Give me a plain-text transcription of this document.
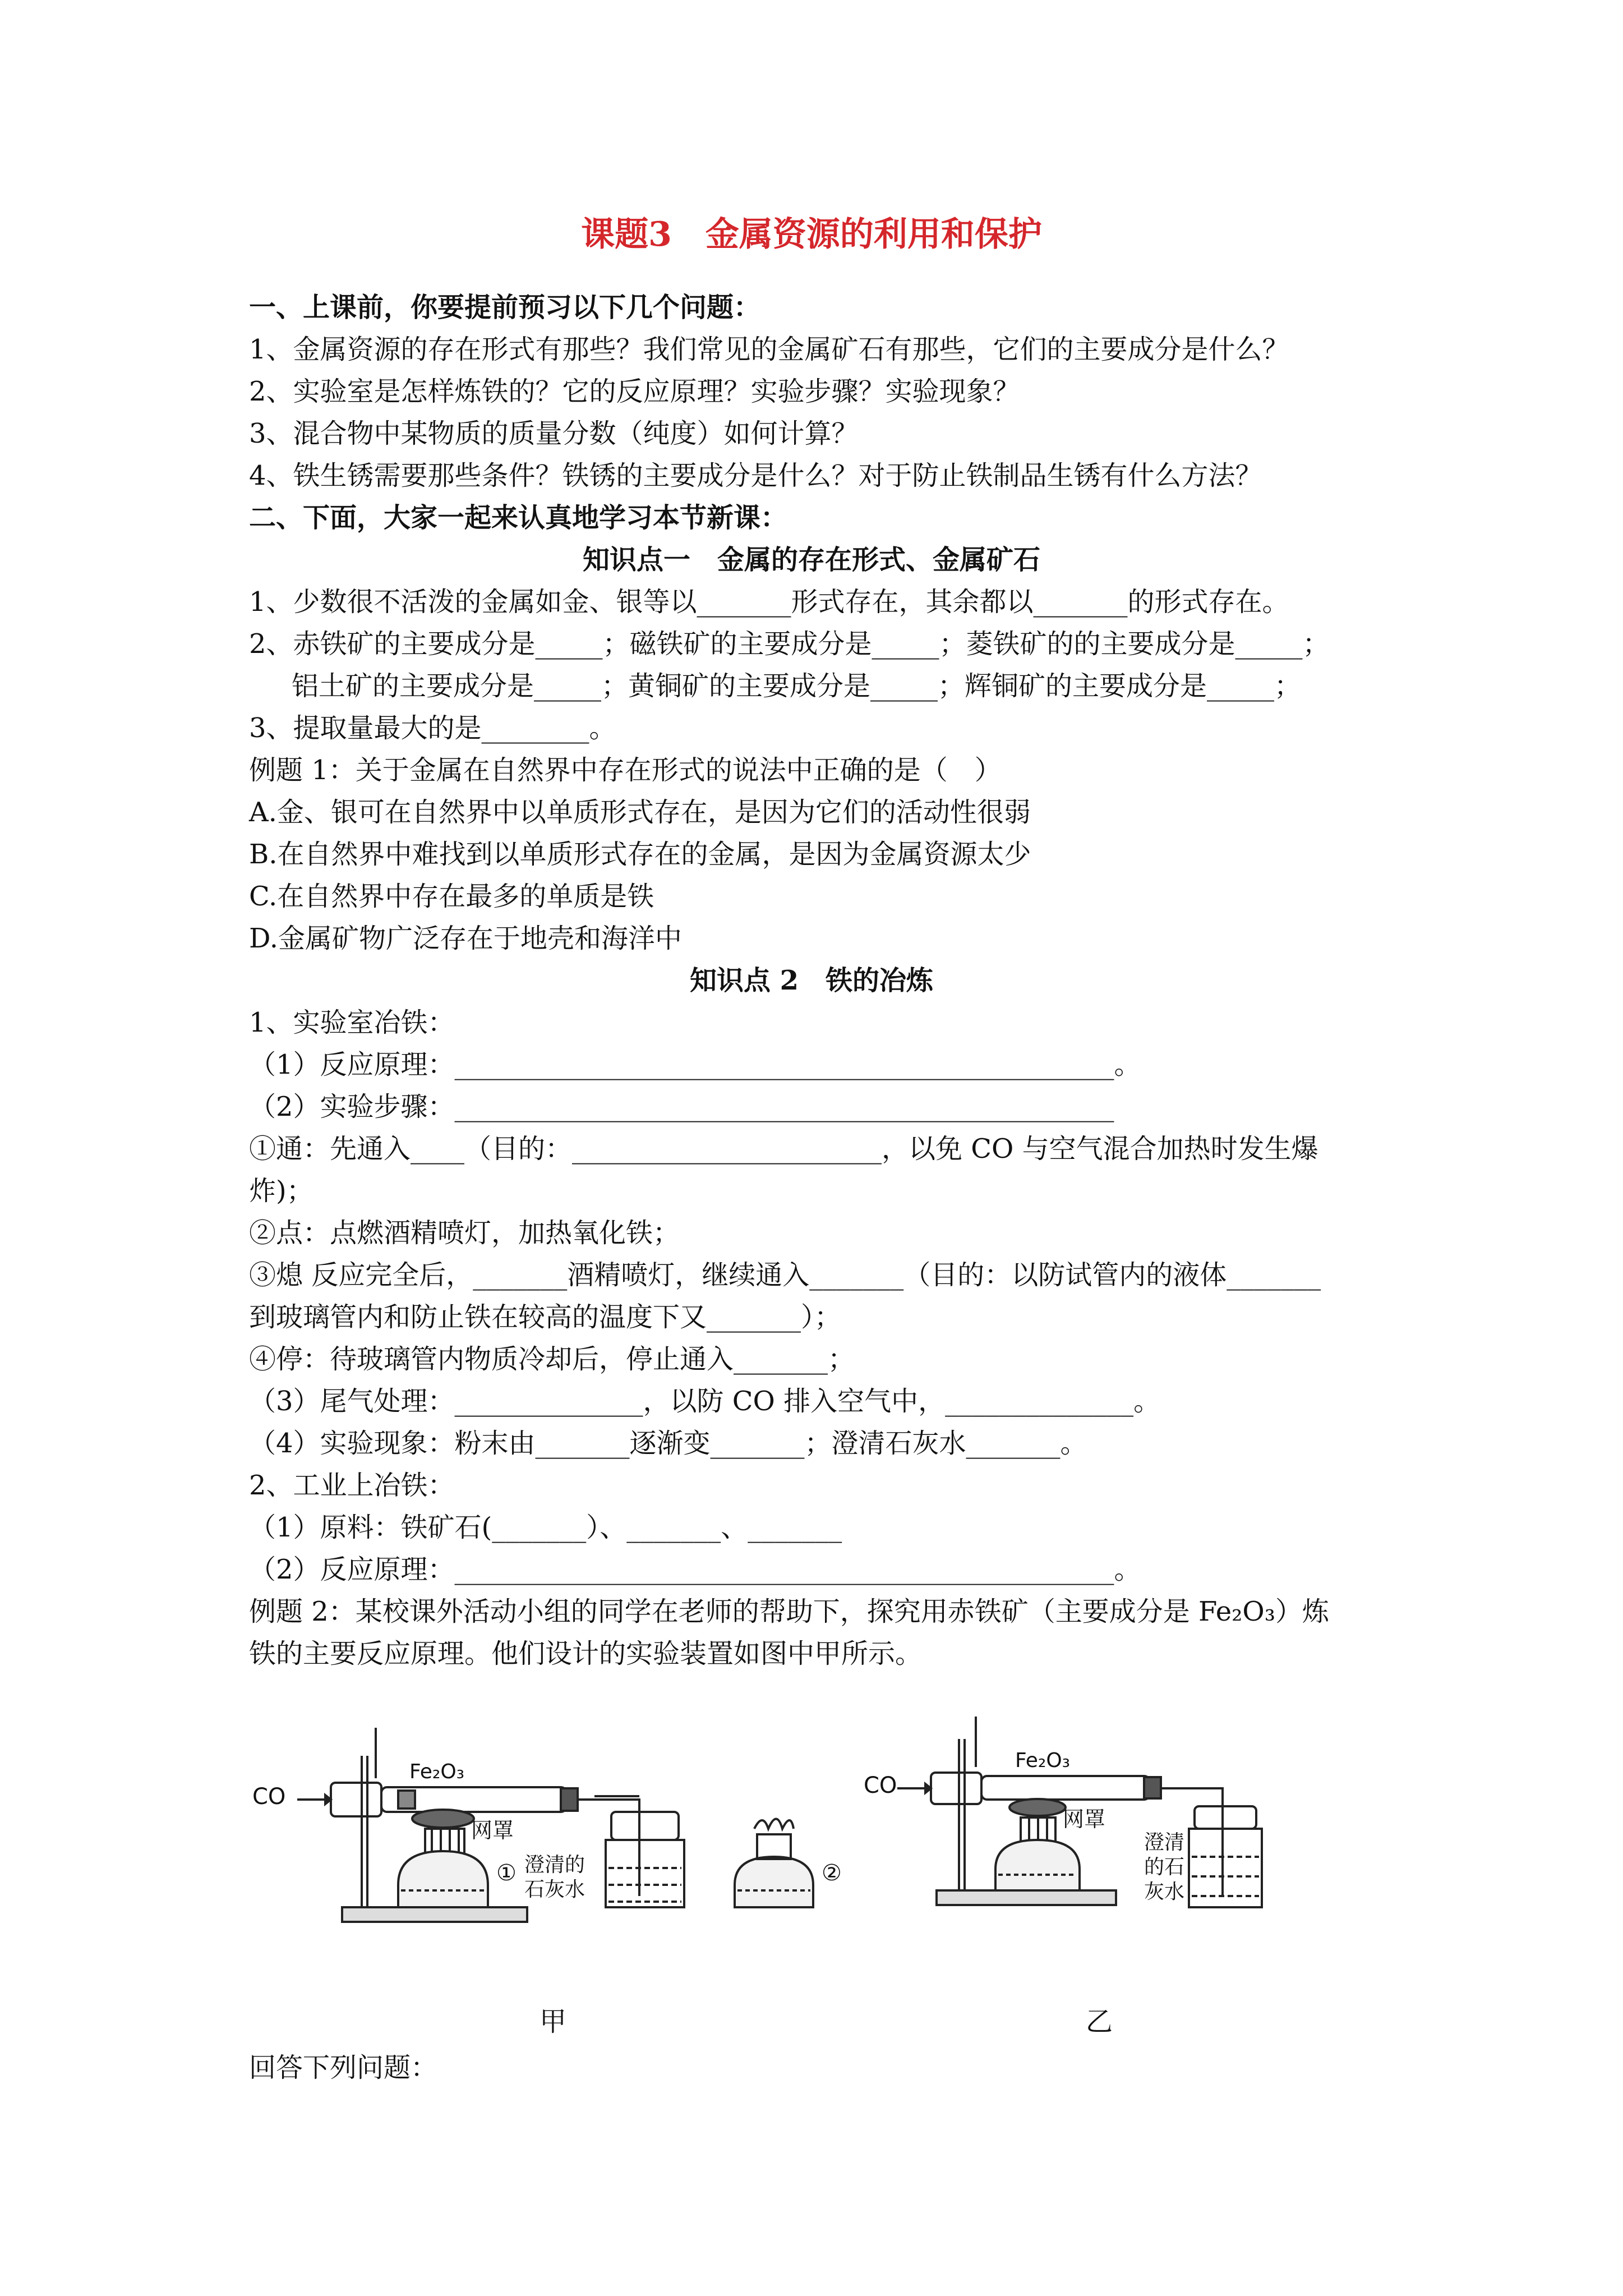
课题3　金属资源的利用和保护
一、上课前，你要提前预习以下几个问题：
1、金属资源的存在形式有那些？我们常见的金属矿石有那些，它们的主要成分是什么？
2、实验室是怎样炼铁的？它的反应原理？实验步骤？实验现象？
3、混合物中某物质的质量分数（纯度）如何计算？
4、铁生锈需要那些条件？铁锈的主要成分是什么？对于防止铁制品生锈有什么方法？
二、下面，大家一起来认真地学习本节新课：
知识点一　金属的存在形式、金属矿石
1、少数很不活泼的金属如金、银等以_______形式存在，其余都以_______的形式存在。
2、赤铁矿的主要成分是_____；磁铁矿的主要成分是_____；菱铁矿的的主要成分是_____；
铝土矿的主要成分是_____；黄铜矿的主要成分是_____；辉铜矿的主要成分是_____；
3、提取量最大的是________。
例题 1：关于金属在自然界中存在形式的说法中正确的是（　）
A.金、银可在自然界中以单质形式存在，是因为它们的活动性很弱
B.在自然界中难找到以单质形式存在的金属，是因为金属资源太少
C.在自然界中存在最多的单质是铁
D.金属矿物广泛存在于地壳和海洋中
知识点 2　铁的冶炼
1、实验室冶铁：
（1）反应原理：_________________________________________________。
（2）实验步骤：_________________________________________________
①通：先通入____（目的：_______________________，以免 CO 与空气混合加热时发生爆
炸)；
②点：点燃酒精喷灯，加热氧化铁；
③熄 反应完全后，_______酒精喷灯，继续通入_______（目的：以防试管内的液体_______
到玻璃管内和防止铁在较高的温度下又_______）；
④停：待玻璃管内物质冷却后，停止通入_______；
（3）尾气处理：______________，以防 CO 排入空气中，______________。
（4）实验现象：粉末由_______逐渐变_______；澄清石灰水_______。
2、工业上冶铁：
（1）原料：铁矿石(_______）、_______、_______
（2）反应原理：_________________________________________________。
例题 2：某校课外活动小组的同学在老师的帮助下，探究用赤铁矿（主要成分是 Fe₂O₃）炼
铁的主要反应原理。他们设计的实验装置如图中甲所示。
CO
Fe₂O₃
网罩
① 澄清的
石灰水
②
CO
Fe₂O₃
网罩
澄清
的石
灰水
甲	乙
回答下列问题：
